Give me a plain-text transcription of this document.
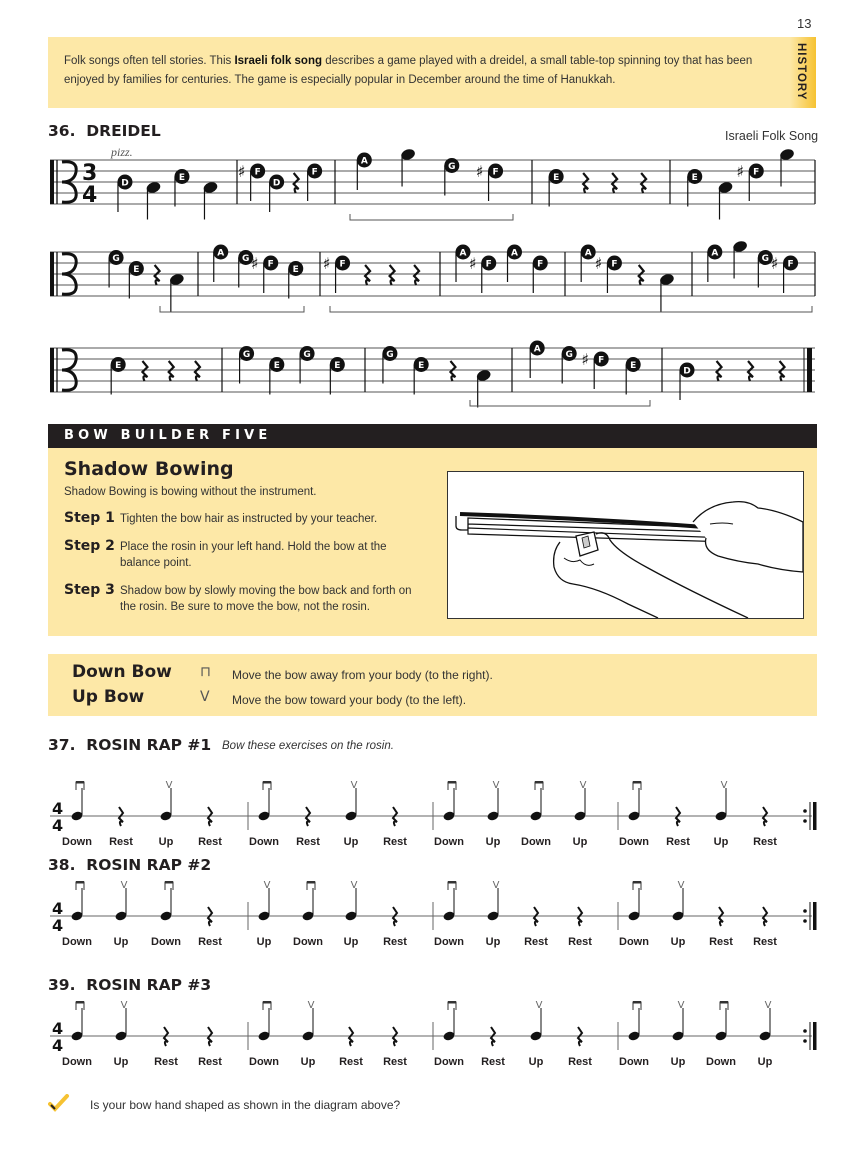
13
Folk songs often tell stories. This Israeli folk song describes a game played with a dreidel, a small table-top spinning toy that has been enjoyed by families for centuries. The game is especially popular in December around the time of Hanukkah.	HISTORY
36. DREIDEL	Israeli Folk Song
pizz.
3
4	D
E	♯ F
D
F
A
G ♯ F
E	E ♯ F
G
E
A
G ♯ F
E ♯ F
A
♯ F
A
F
A
♯ F
A
G ♯ F
E
G
E
G
E
G
E
A
G ♯ F
E
D
BOW BUILDER FIVE
Shadow Bowing
Shadow Bowing is bowing without the instrument.
Step 1 Tighten the bow hair as instructed by your teacher.
Step 2 Place the rosin in your left hand. Hold the bow at the balance point.
Step 3 Shadow bow by slowly moving the bow back and forth on the rosin. Be sure to move the bow, not the rosin.
Down Bow ⊓ Move the bow away from your body (to the right).
Up Bow	V Move the bow toward your body (to the left).
37. ROSIN RAP #1 Bow these exercises on the rosin.
38. ROSIN RAP #2
39. ROSIN RAP #3
4
4
V	V	V	V	V
4
4
V	V	V	V	V
4
4
V	V	V	V	V
Down Rest Up Rest Down Rest Up Rest Down Up Down Up	Down Rest Up Rest
Down Up Down Rest	Up Down Up Rest Down Up Rest Rest Down Up Rest Rest
Down Up Rest Rest Down Up Rest Rest Down Rest Up Rest Down Up Down Up
Is your bow hand shaped as shown in the diagram above?
